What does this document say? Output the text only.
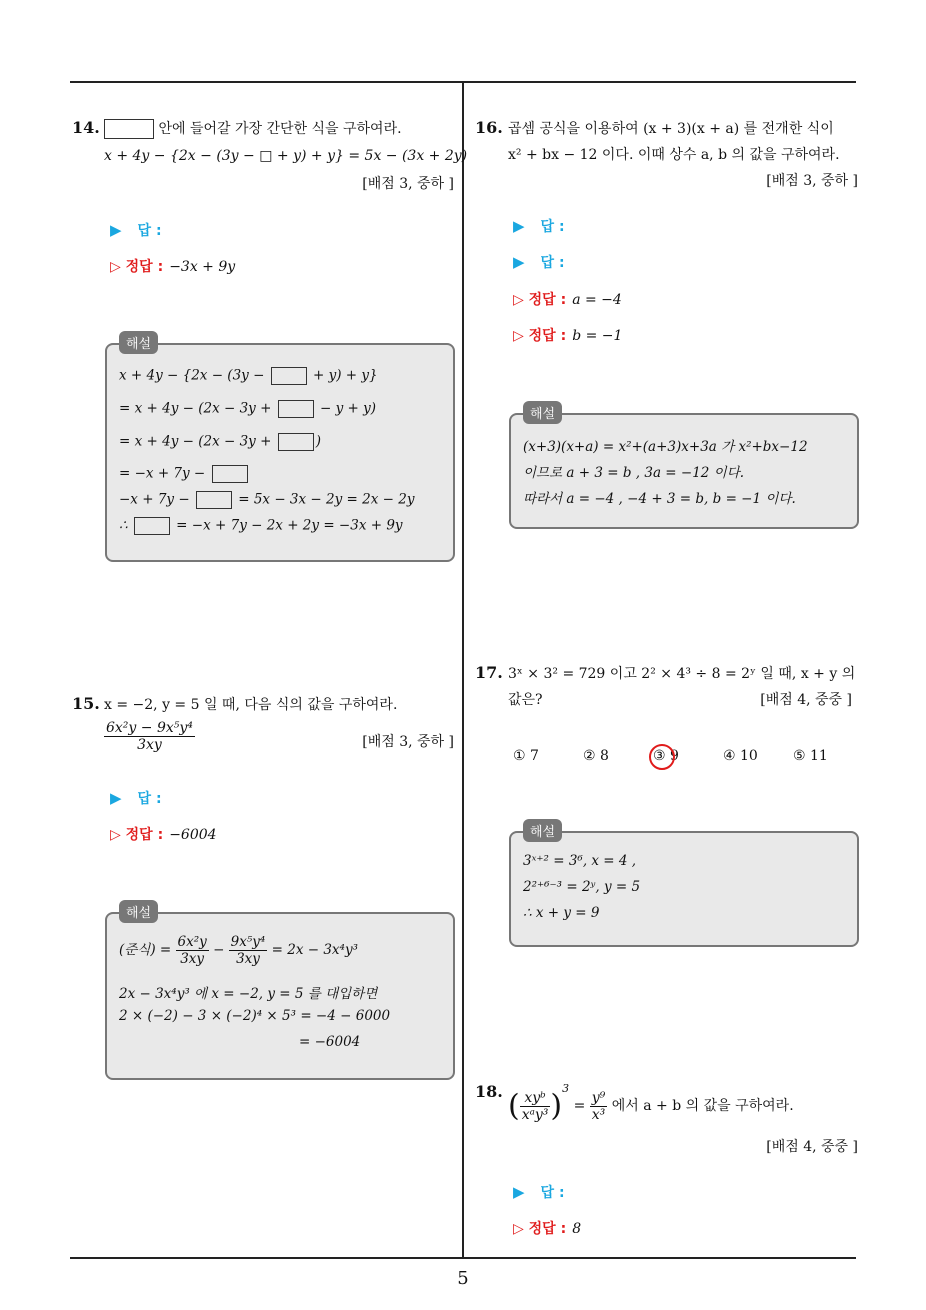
14.	안에 들어갈 가장 간단한 식을 구하여라.
x + 4y − {2x − (3y − □ + y) + y} = 5x − (3x + 2y)
[배점 3, 중하 ]
▶ 답 :
▷ 정답 : −3x + 9y
x + 4y − {2x − (3y −	+ y) + y}
= x + 4y − (2x − 3y +	− y + y)
= x + 4y − (2x − 3y +	)
= −x + 7y −
−x + 7y −	= 5x − 3x − 2y = 2x − 2y
∴	= −x + 7y − 2x + 2y = −3x + 9y
해설
15. x = −2, y = 5 일 때, 다음 식의 값을 구하여라.
$\frac{\text{6x²y − 9x⁵y⁴}}{3xy}$	[배점 3, 중하 ]
▶ 답 :
▷ 정답 : −6004
(준식) = $\frac{\text{6x²y}}{3xy} - \frac{\text{9x⁵y⁴}}{3xy} = 2x - 3x^4y^3$
2x − 3x⁴y³ 에 x = −2, y = 5 를 대입하면
2 × (−2) − 3 × (−2)⁴ × 5³ = −4 − 6000
= −6004
해설
16. 곱셈 공식을 이용하여 (x + 3)(x + a) 를 전개한 식이
x² + bx − 12 이다. 이때 상수 a, b 의 값을 구하여라.
[배점 3, 중하 ]
▶ 답 :
▶ 답 :
▷ 정답 : a = −4
▷ 정답 : b = −1
(x+3)(x+a) = x²+(a+3)x+3a 가 x²+bx−12
이므로 a + 3 = b , 3a = −12 이다.
따라서 a = −4 , −4 + 3 = b, b = −1 이다.
해설
17. 3ˣ × 3² = 729 이고 2² × 4³ ÷ 8 = 2ʸ 일 때, x + y 의
값은?	[배점 4, 중중 ]
① 7	② 8	③ 9	④ 10	⑤ 11
3ˣ⁺² = 3⁶, x = 4 ,
2²⁺⁶⁻³ = 2ʸ, y = 5
∴ x + y = 9
해설
18. ( $\frac{\text{xyᵇ}}{\text{xᵃy³}} )^3 = \frac{\text{y⁹}}{\text{x³}}$ 에서 a + b 의 값을 구하여라.
[배점 4, 중중 ]
▶ 답 :
▷ 정답 : 8
5
